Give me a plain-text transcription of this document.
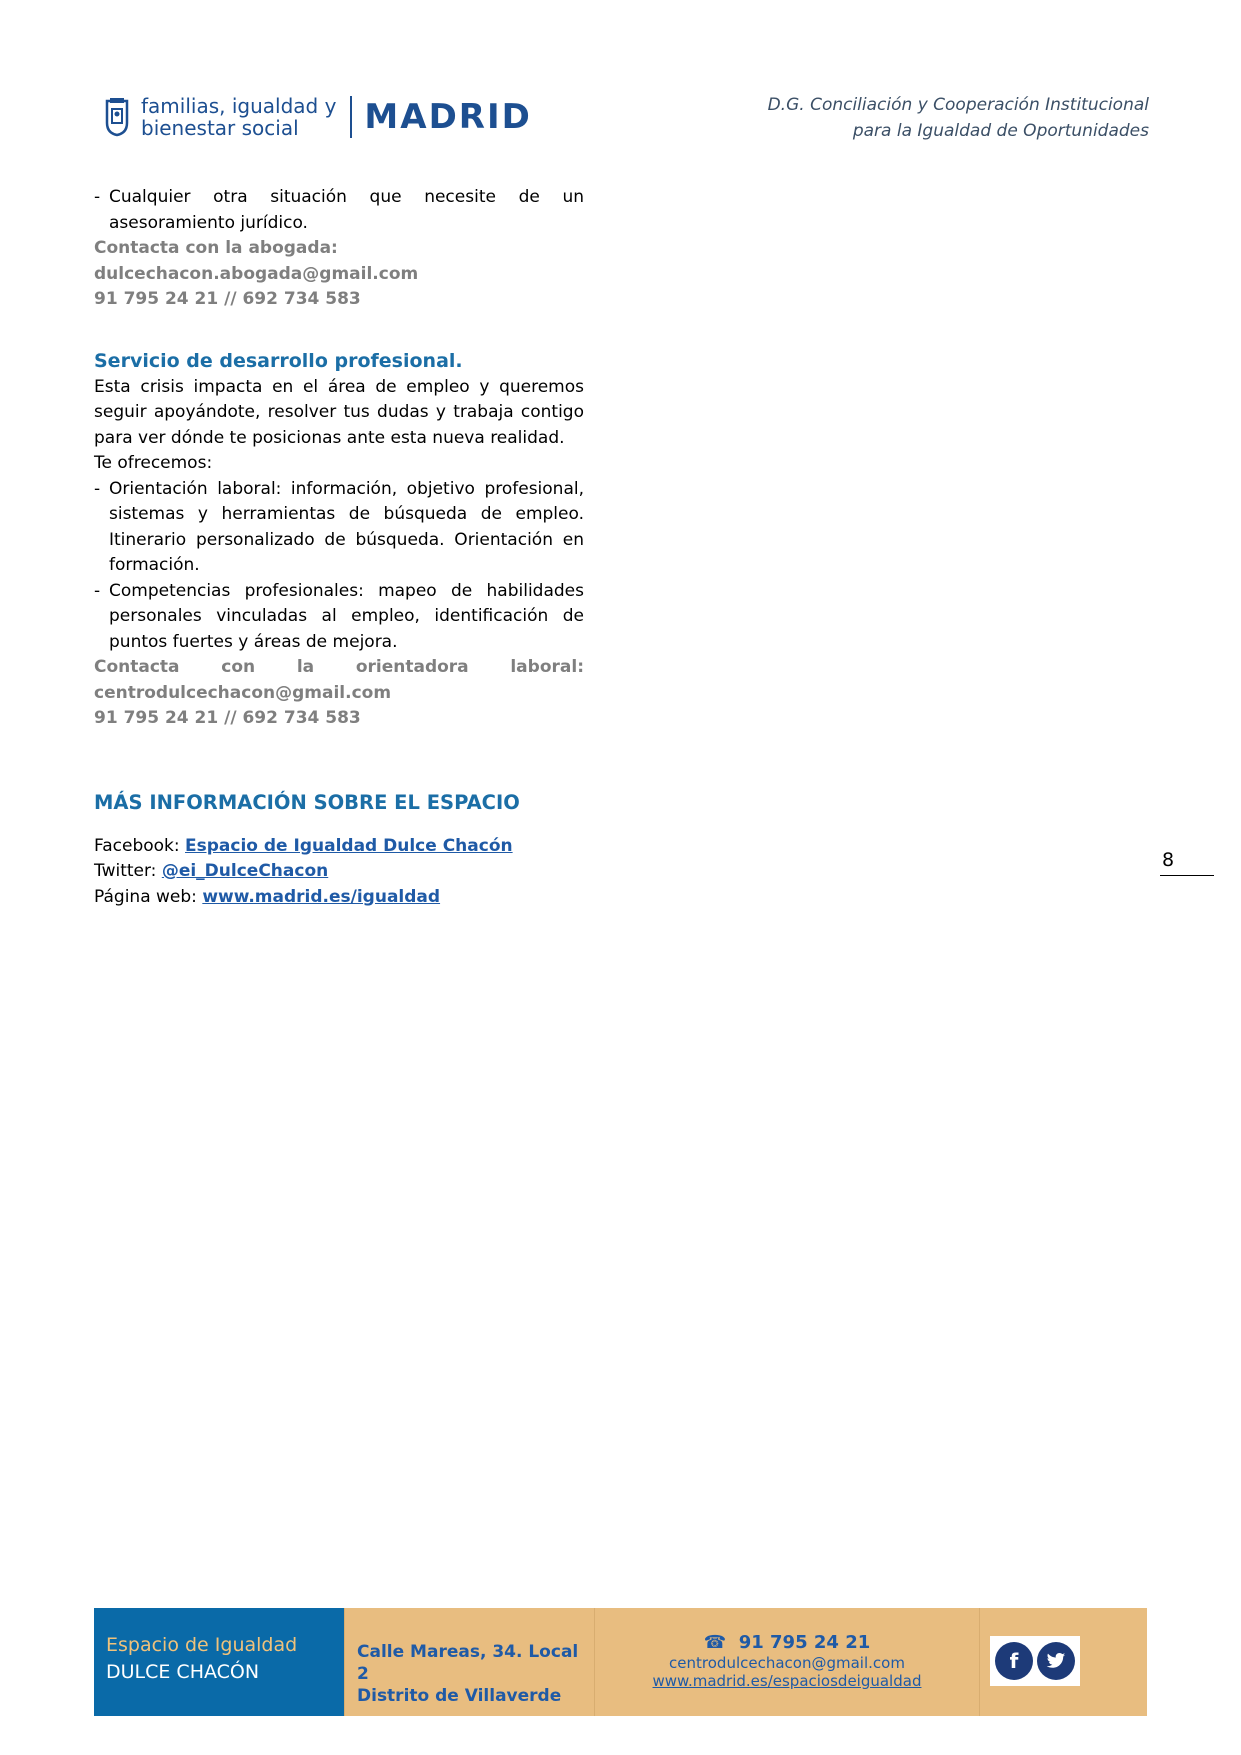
familias, igualdad y
bienestar social	MADRID	D.G. Conciliación y Cooperación Institucional
para la Igualdad de Oportunidades
- Cualquier otra situación que necesite de un asesoramiento jurídico.
Contacta con la abogada:
dulcechacon.abogada@gmail.com
91 795 24 21 // 692 734 583
Servicio de desarrollo profesional.
Esta crisis impacta en el área de empleo y queremos seguir apoyándote, resolver tus dudas y trabaja contigo para ver dónde te posicionas ante esta nueva realidad.
Te ofrecemos:
- Orientación laboral: información, objetivo profesional, sistemas y herramientas de búsqueda de empleo. Itinerario personalizado de búsqueda. Orientación en formación.
- Competencias profesionales: mapeo de habilidades personales vinculadas al empleo, identificación de puntos fuertes y áreas de mejora.
Contacta con la orientadora laboral:
centrodulcechacon@gmail.com
91 795 24 21 // 692 734 583
MÁS INFORMACIÓN SOBRE EL ESPACIO
Facebook: Espacio de Igualdad Dulce Chacón
Twitter: @ei_DulceChacon
Página web: www.madrid.es/igualdad
8
Espacio de Igualdad
DULCE CHACÓN
Calle Mareas, 34. Local 2
Distrito de Villaverde
☎ 91 795 24 21
centrodulcechacon@gmail.com
www.madrid.es/espaciosdeigualdad
f
